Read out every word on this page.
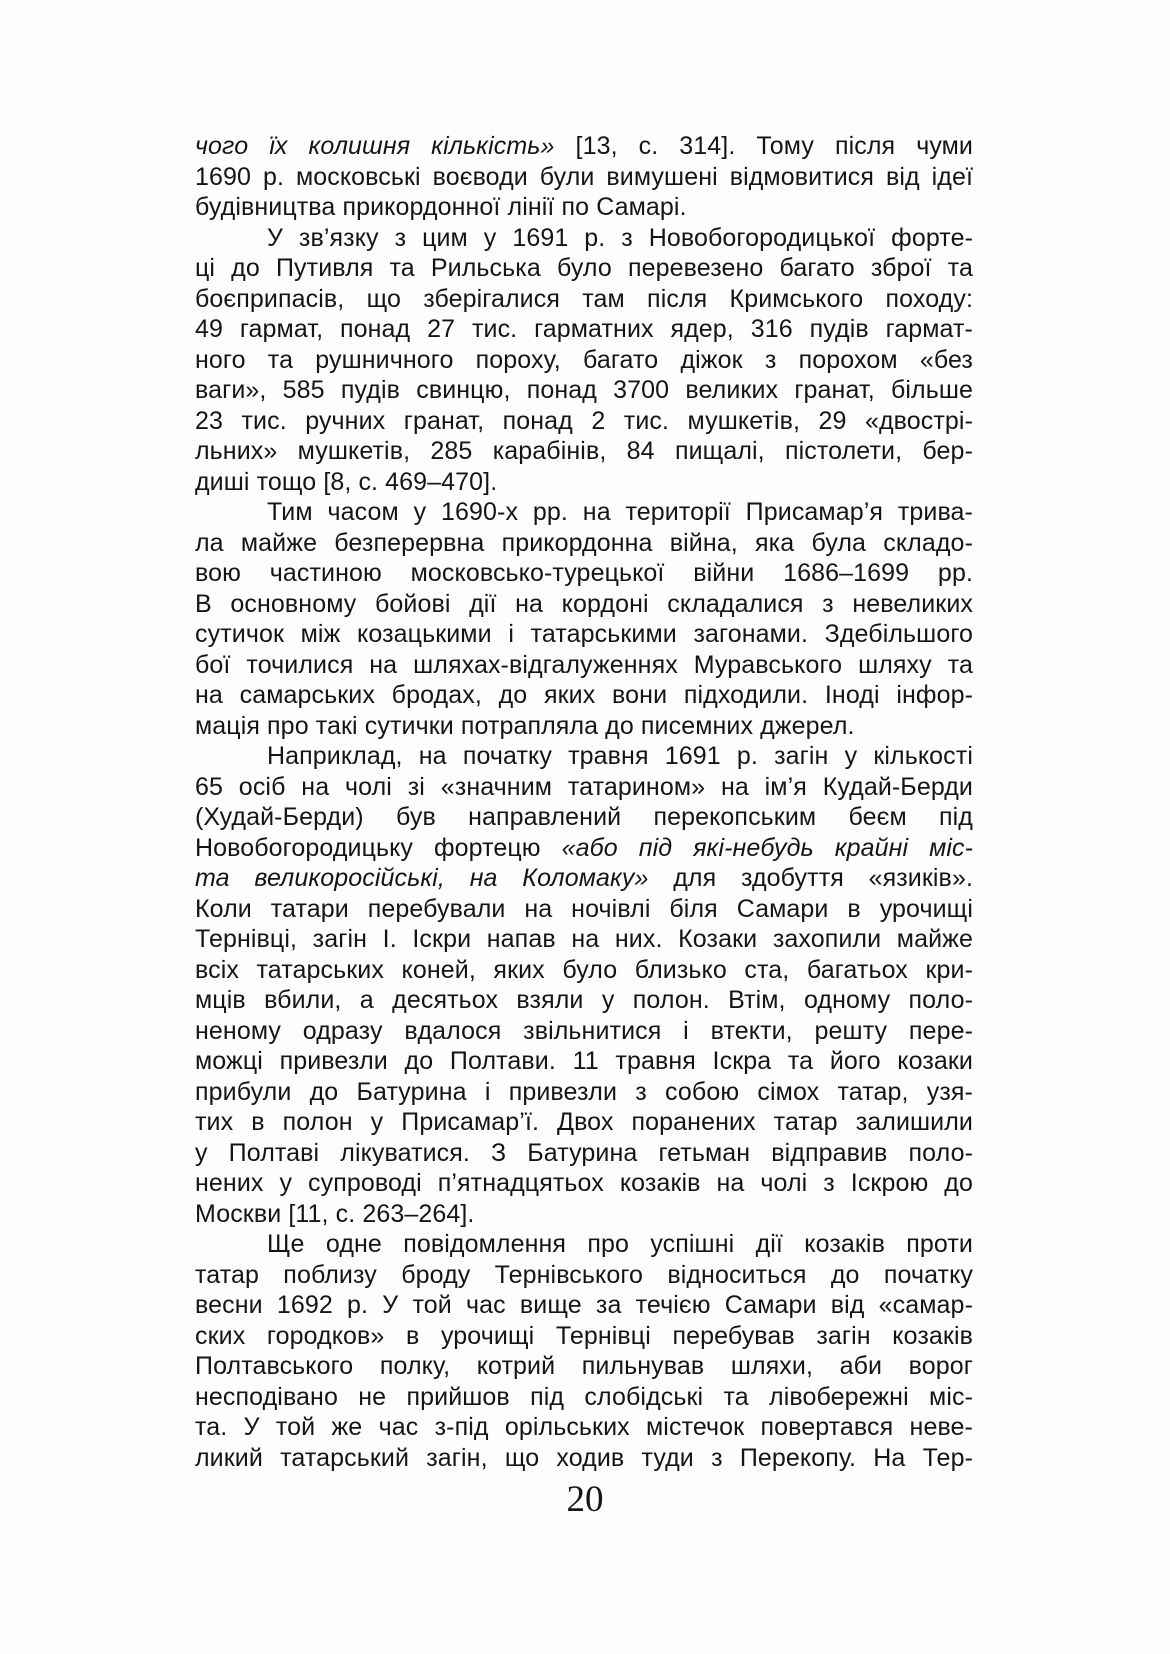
чого їх колишня кількість» [13, с. 314]. Тому після чуми
1690 р. московські воєводи були вимушені відмовитися від ідеї
будівництва прикордонної лінії по Самарі.
У зв’язку з цим у 1691 р. з Новобогородицької форте-
ці до Путивля та Рильська було перевезено багато зброї та
боєприпасів, що зберігалися там після Кримського походу:
49 гармат, понад 27 тис. гарматних ядер, 316 пудів гармат-
ного та рушничного пороху, багато діжок з порохом «без
ваги», 585 пудів свинцю, понад 3700 великих гранат, більше
23 тис. ручних гранат, понад 2 тис. мушкетів, 29 «двострі-
льних» мушкетів, 285 карабінів, 84 пищалі, пістолети, бер-
диші тощо [8, с. 469–470].
Тим часом у 1690-х рр. на території Присамар’я трива-
ла майже безперервна прикордонна війна, яка була складо-
вою частиною московсько-турецької війни 1686–1699 рр.
В основному бойові дії на кордоні складалися з невеликих
сутичок між козацькими і татарськими загонами. Здебільшого
бої точилися на шляхах-відгалуженнях Муравського шляху та
на самарських бродах, до яких вони підходили. Іноді інфор-
мація про такі сутички потрапляла до писемних джерел.
Наприклад, на початку травня 1691 р. загін у кількості
65 осіб на чолі зі «значним татарином» на ім’я Кудай-Берди
(Худай-Берди) був направлений перекопським беєм під
Новобогородицьку фортецю «або під які-небудь крайні міс-
та великоросійські, на Коломаку» для здобуття «язиків».
Коли татари перебували на ночівлі біля Самари в урочищі
Тернівці, загін І. Іскри напав на них. Козаки захопили майже
всіх татарських коней, яких було близько ста, багатьох кри-
мців вбили, а десятьох взяли у полон. Втім, одному поло-
неному одразу вдалося звільнитися і втекти, решту пере-
можці привезли до Полтави. 11 травня Іскра та його козаки
прибули до Батурина і привезли з собою сімох татар, узя-
тих в полон у Присамар’ї. Двох поранених татар залишили
у Полтаві лікуватися. З Батурина гетьман відправив поло-
нених у супроводі п’ятнадцятьох козаків на чолі з Іскрою до
Москви [11, с. 263–264].
Ще одне повідомлення про успішні дії козаків проти
татар поблизу броду Тернівського відноситься до початку
весни 1692 р. У той час вище за течією Самари від «самар-
ских городков» в урочищі Тернівці перебував загін козаків
Полтавського полку, котрий пильнував шляхи, аби ворог
несподівано не прийшов під слобідські та лівобережні міс-
та. У той же час з-під орільських містечок повертався неве-
ликий татарський загін, що ходив туди з Перекопу. На Тер-
20
